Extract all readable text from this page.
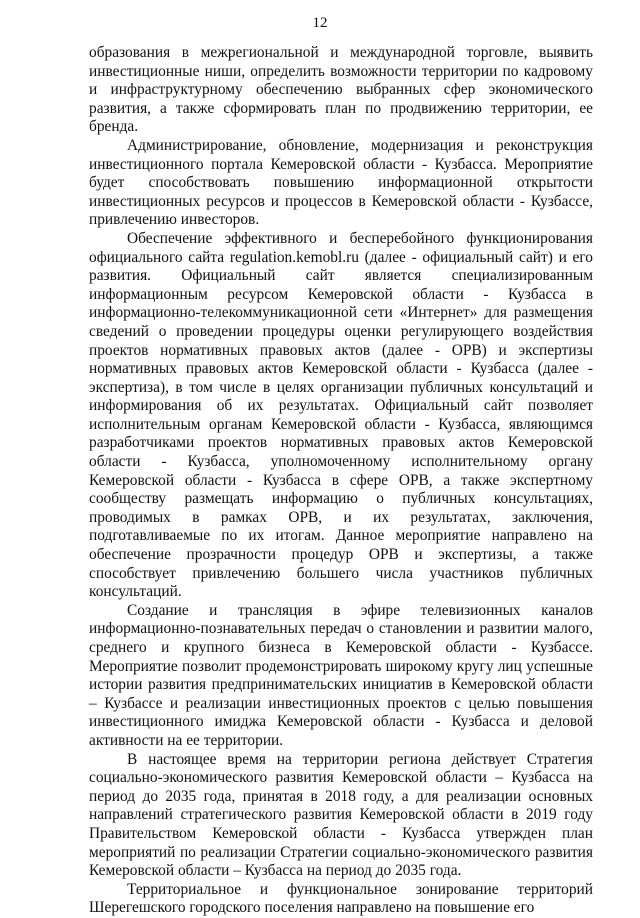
12

образования в межрегиональной и международной торговле, выявить инвестиционные ниши, определить возможности территории по кадровому и инфраструктурному обеспечению выбранных сфер экономического развития, а также сформировать план по продвижению территории, ее бренда.

Администрирование, обновление, модернизация и реконструкция инвестиционного портала Кемеровской области - Кузбасса. Мероприятие будет способствовать повышению информационной открытости инвестиционных ресурсов и процессов в Кемеровской области - Кузбассе, привлечению инвесторов.

Обеспечение эффективного и бесперебойного функционирования официального сайта regulation.kemobl.ru (далее - официальный сайт) и его развития. Официальный сайт является специализированным информационным ресурсом Кемеровской области - Кузбасса в информационно-телекоммуникационной сети «Интернет» для размещения сведений о проведении процедуры оценки регулирующего воздействия проектов нормативных правовых актов (далее - ОРВ) и экспертизы нормативных правовых актов Кемеровской области - Кузбасса (далее - экспертиза), в том числе в целях организации публичных консультаций и информирования об их результатах. Официальный сайт позволяет исполнительным органам Кемеровской области - Кузбасса, являющимся разработчиками проектов нормативных правовых актов Кемеровской области - Кузбасса, уполномоченному исполнительному органу Кемеровской области - Кузбасса в сфере ОРВ, а также экспертному сообществу размещать информацию о публичных консультациях, проводимых в рамках ОРВ, и их результатах, заключения, подготавливаемые по их итогам. Данное мероприятие направлено на обеспечение прозрачности процедур ОРВ и экспертизы, а также способствует привлечению большего числа участников публичных консультаций.

Создание и трансляция в эфире телевизионных каналов информационно-познавательных передач о становлении и развитии малого, среднего и крупного бизнеса в Кемеровской области - Кузбассе. Мероприятие позволит продемонстрировать широкому кругу лиц успешные истории развития предпринимательских инициатив в Кемеровской области – Кузбассе и реализации инвестиционных проектов с целью повышения инвестиционного имиджа Кемеровской области - Кузбасса и деловой активности на ее территории.

В настоящее время на территории региона действует Стратегия социально-экономического развития Кемеровской области – Кузбасса на период до 2035 года, принятая в 2018 году, а для реализации основных направлений стратегического развития Кемеровской области в 2019 году Правительством Кемеровской области - Кузбасса утвержден план мероприятий по реализации Стратегии социально-экономического развития Кемеровской области – Кузбасса на период до 2035 года.

Территориальное и функциональное зонирование территорий Шерегешского городского поселения направлено на повышение его
